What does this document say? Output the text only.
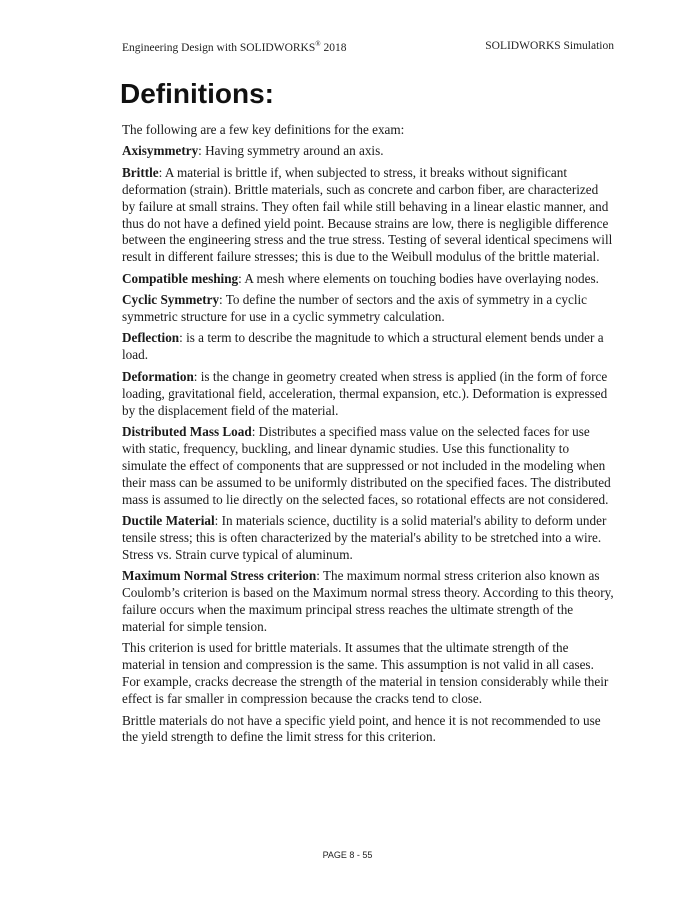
Engineering Design with SOLIDWORKS® 2018	SOLIDWORKS Simulation
Definitions:

The following are a few key definitions for the exam:

Axisymmetry: Having symmetry around an axis.

Brittle: A material is brittle if, when subjected to stress, it breaks without significant deformation (strain). Brittle materials, such as concrete and carbon fiber, are characterized by failure at small strains. They often fail while still behaving in a linear elastic manner, and thus do not have a defined yield point. Because strains are low, there is negligible difference between the engineering stress and the true stress. Testing of several identical specimens will result in different failure stresses; this is due to the Weibull modulus of the brittle material.

Compatible meshing: A mesh where elements on touching bodies have overlaying nodes.

Cyclic Symmetry: To define the number of sectors and the axis of symmetry in a cyclic symmetric structure for use in a cyclic symmetry calculation.

Deflection: is a term to describe the magnitude to which a structural element bends under a load.

Deformation: is the change in geometry created when stress is applied (in the form of force loading, gravitational field, acceleration, thermal expansion, etc.). Deformation is expressed by the displacement field of the material.

Distributed Mass Load: Distributes a specified mass value on the selected faces for use with static, frequency, buckling, and linear dynamic studies. Use this functionality to simulate the effect of components that are suppressed or not included in the modeling when their mass can be assumed to be uniformly distributed on the specified faces. The distributed mass is assumed to lie directly on the selected faces, so rotational effects are not considered.

Ductile Material: In materials science, ductility is a solid material's ability to deform under tensile stress; this is often characterized by the material's ability to be stretched into a wire. Stress vs. Strain curve typical of aluminum.

Maximum Normal Stress criterion: The maximum normal stress criterion also known as Coulomb’s criterion is based on the Maximum normal stress theory. According to this theory, failure occurs when the maximum principal stress reaches the ultimate strength of the material for simple tension.

This criterion is used for brittle materials. It assumes that the ultimate strength of the material in tension and compression is the same. This assumption is not valid in all cases. For example, cracks decrease the strength of the material in tension considerably while their effect is far smaller in compression because the cracks tend to close.

Brittle materials do not have a specific yield point, and hence it is not recommended to use the yield strength to define the limit stress for this criterion.

PAGE 8 - 55
